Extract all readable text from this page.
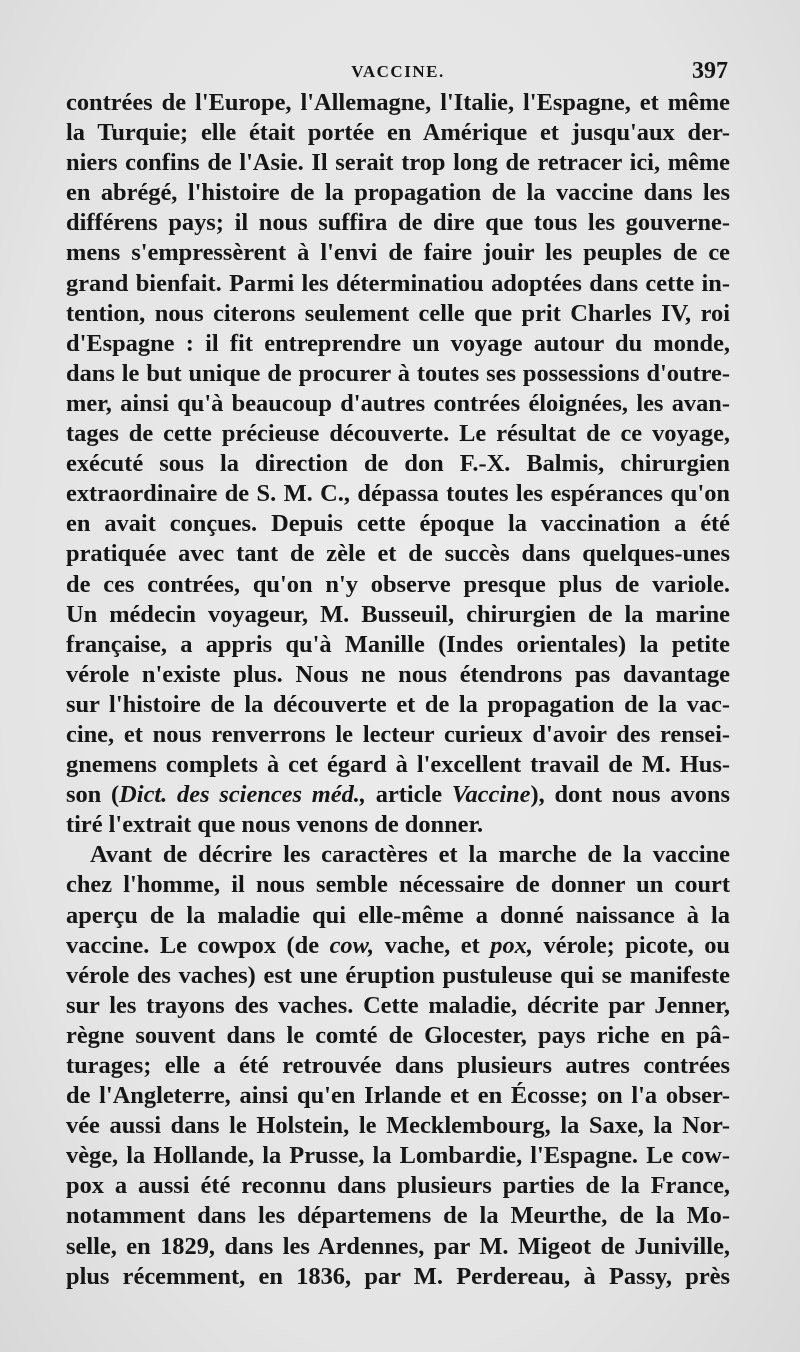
VACCINE.	397
contrées de l'Europe, l'Allemagne, l'Italie, l'Espagne, et même
la Turquie; elle était portée en Amérique et jusqu'aux der-
niers confins de l'Asie. Il serait trop long de retracer ici, même
en abrégé, l'histoire de la propagation de la vaccine dans les
différens pays; il nous suffira de dire que tous les gouverne-
mens s'empressèrent à l'envi de faire jouir les peuples de ce
grand bienfait. Parmi les déterminatiou adoptées dans cette in-
tention, nous citerons seulement celle que prit Charles IV, roi
d'Espagne : il fit entreprendre un voyage autour du monde,
dans le but unique de procurer à toutes ses possessions d'outre-
mer, ainsi qu'à beaucoup d'autres contrées éloignées, les avan-
tages de cette précieuse découverte. Le résultat de ce voyage,
exécuté sous la direction de don F.-X. Balmis, chirurgien
extraordinaire de S. M. C., dépassa toutes les espérances qu'on
en avait conçues. Depuis cette époque la vaccination a été
pratiquée avec tant de zèle et de succès dans quelques-unes
de ces contrées, qu'on n'y observe presque plus de variole.
Un médecin voyageur, M. Busseuil, chirurgien de la marine
française, a appris qu'à Manille (Indes orientales) la petite
vérole n'existe plus. Nous ne nous étendrons pas davantage
sur l'histoire de la découverte et de la propagation de la vac-
cine, et nous renverrons le lecteur curieux d'avoir des rensei-
gnemens complets à cet égard à l'excellent travail de M. Hus-
son (Dict. des sciences méd., article Vaccine), dont nous avons
tiré l'extrait que nous venons de donner.
Avant de décrire les caractères et la marche de la vaccine
chez l'homme, il nous semble nécessaire de donner un court
aperçu de la maladie qui elle-même a donné naissance à la
vaccine. Le cowpox (de cow, vache, et pox, vérole; picote, ou
vérole des vaches) est une éruption pustuleuse qui se manifeste
sur les trayons des vaches. Cette maladie, décrite par Jenner,
règne souvent dans le comté de Glocester, pays riche en pâ-
turages; elle a été retrouvée dans plusieurs autres contrées
de l'Angleterre, ainsi qu'en Irlande et en Écosse; on l'a obser-
vée aussi dans le Holstein, le Mecklembourg, la Saxe, la Nor-
vège, la Hollande, la Prusse, la Lombardie, l'Espagne. Le cow-
pox a aussi été reconnu dans plusieurs parties de la France,
notamment dans les départemens de la Meurthe, de la Mo-
selle, en 1829, dans les Ardennes, par M. Migeot de Juniville,
plus récemment, en 1836, par M. Perdereau, à Passy, près
